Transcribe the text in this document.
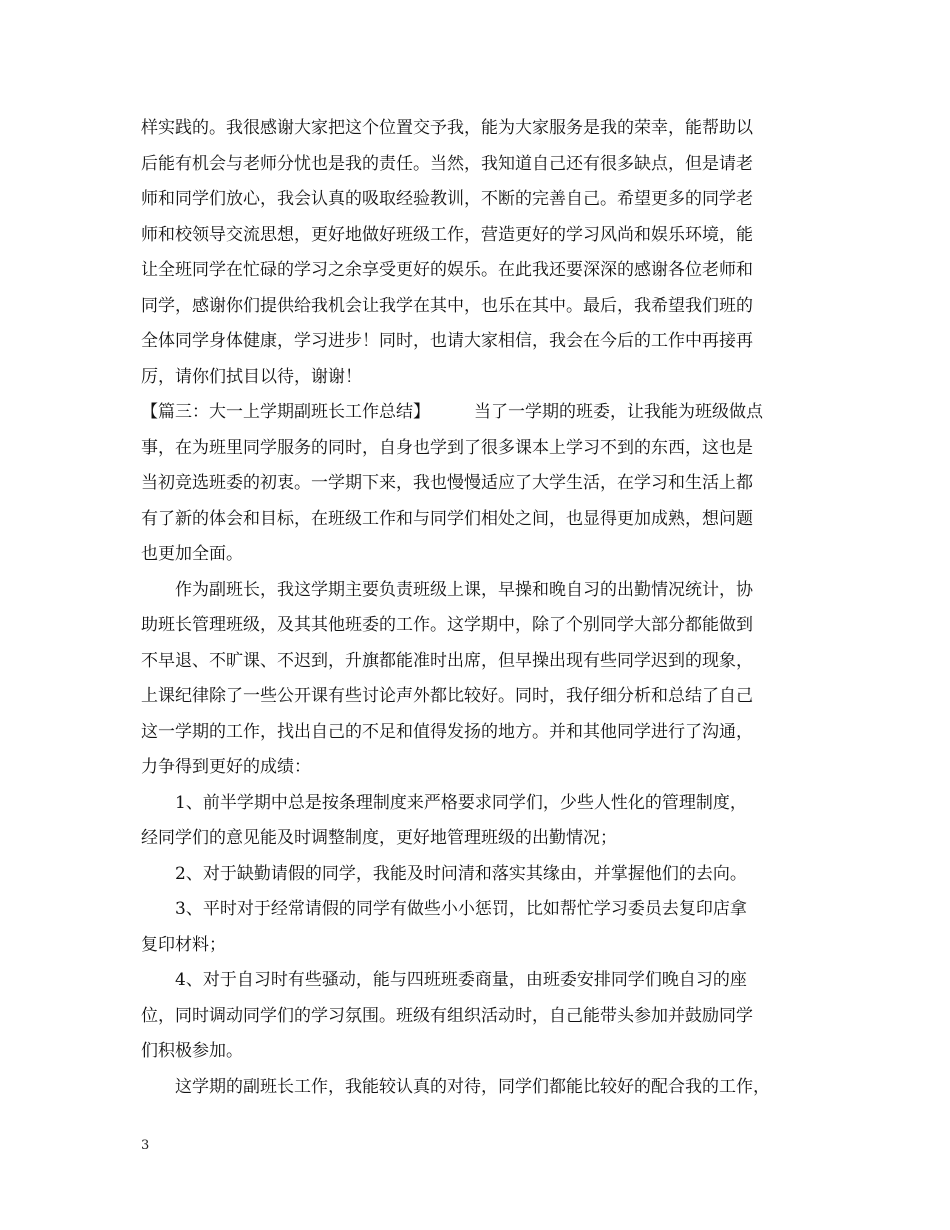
样实践的。我很感谢大家把这个位置交予我，能为大家服务是我的荣幸，能帮助以
后能有机会与老师分忧也是我的责任。当然，我知道自己还有很多缺点，但是请老
师和同学们放心，我会认真的吸取经验教训，不断的完善自己。希望更多的同学老
师和校领导交流思想，更好地做好班级工作，营造更好的学习风尚和娱乐环境，能
让全班同学在忙碌的学习之余享受更好的娱乐。在此我还要深深的感谢各位老师和
同学，感谢你们提供给我机会让我学在其中，也乐在其中。最后，我希望我们班的
全体同学身体健康，学习进步！同时，也请大家相信，我会在今后的工作中再接再
厉，请你们拭目以待，谢谢！
【篇三：大一上学期副班长工作总结】	当了一学期的班委，让我能为班级做点
事，在为班里同学服务的同时，自身也学到了很多课本上学习不到的东西，这也是
当初竞选班委的初衷。一学期下来，我也慢慢适应了大学生活，在学习和生活上都
有了新的体会和目标，在班级工作和与同学们相处之间，也显得更加成熟，想问题
也更加全面。
作为副班长，我这学期主要负责班级上课，早操和晚自习的出勤情况统计，协
助班长管理班级，及其其他班委的工作。这学期中，除了个别同学大部分都能做到
不早退、不旷课、不迟到，升旗都能准时出席，但早操出现有些同学迟到的现象，
上课纪律除了一些公开课有些讨论声外都比较好。同时，我仔细分析和总结了自己
这一学期的工作，找出自己的不足和值得发扬的地方。并和其他同学进行了沟通，
力争得到更好的成绩：
1、前半学期中总是按条理制度来严格要求同学们，少些人性化的管理制度，
经同学们的意见能及时调整制度，更好地管理班级的出勤情况；
2、对于缺勤请假的同学，我能及时问清和落实其缘由，并掌握他们的去向。
3、平时对于经常请假的同学有做些小小惩罚，比如帮忙学习委员去复印店拿
复印材料；
4、对于自习时有些骚动，能与四班班委商量，由班委安排同学们晚自习的座
位，同时调动同学们的学习氛围。班级有组织活动时，自己能带头参加并鼓励同学
们积极参加。
这学期的副班长工作，我能较认真的对待，同学们都能比较好的配合我的工作，
3
